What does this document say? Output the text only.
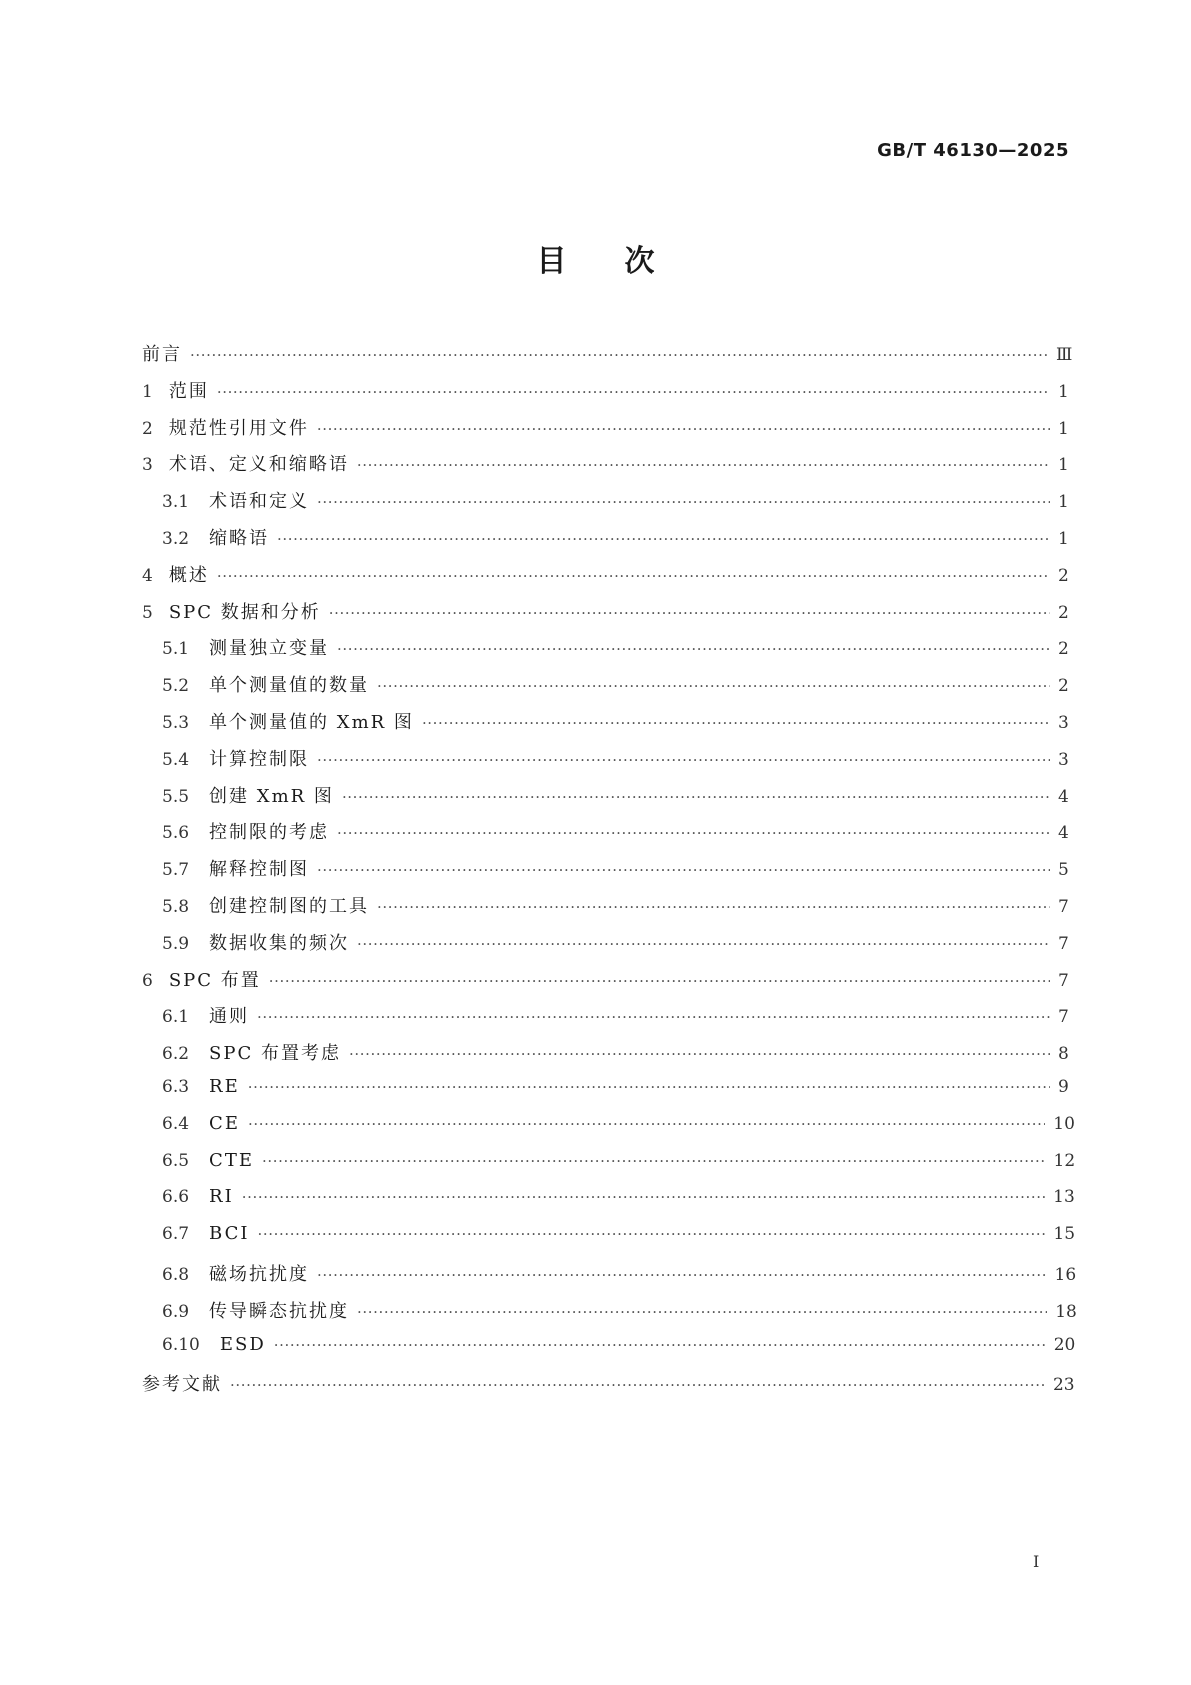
GB/T 46130—2025
目次
前言 ·····	Ⅲ
1 范围 ·····	1
2 规范性引用文件 ·····	1
3 术语、定义和缩略语 ·····	1
3.1 术语和定义 ·····	1
3.2 缩略语 ·····	1
4 概述 ·····	2
5 SPC 数据和分析 ·····	2
5.1 测量独立变量 ·····	2
5.2 单个测量值的数量 ·····	2
5.3 单个测量值的 XmR 图 ·····	3
5.4 计算控制限 ·····	3
5.5 创建 XmR 图 ·····	4
5.6 控制限的考虑 ·····	4
5.7 解释控制图 ·····	5
5.8 创建控制图的工具 ·····	7
5.9 数据收集的频次 ·····	7
6 SPC 布置 ·····	7
6.1 通则 ·····	7
6.2 SPC 布置考虑 ·····	8
6.3 RE ·····	9
6.4 CE ·····	10
6.5 CTE ·····	12
6.6 RI ·····	13
6.7 BCI ·····	15
6.8 磁场抗扰度 ·····	16
6.9 传导瞬态抗扰度 ·····	18
6.10 ESD ·····	20
参考文献 ·····	23
I
